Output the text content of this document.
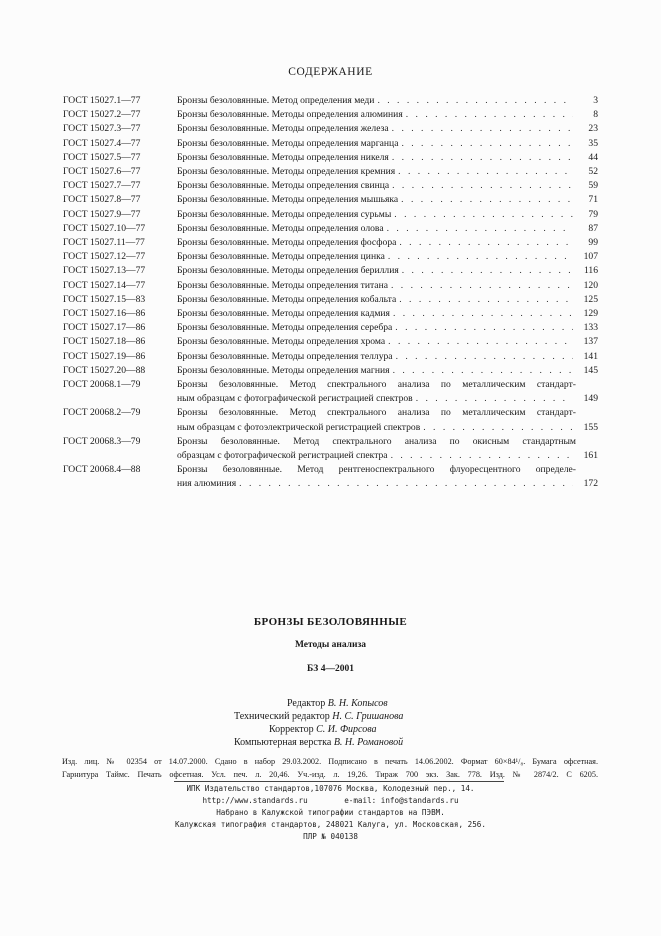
СОДЕРЖАНИЕ
ГОСТ 15027.1—77	Бронзы безоловянные. Метод определения меди . . .	3
ГОСТ 15027.2—77	Бронзы безоловянные. Методы определения алюминия . . .	8
ГОСТ 15027.3—77	Бронзы безоловянные. Методы определения железа . . .	23
ГОСТ 15027.4—77	Бронзы безоловянные. Методы определения марганца . . .	35
ГОСТ 15027.5—77	Бронзы безоловянные. Методы определения никеля . . .	44
ГОСТ 15027.6—77	Бронзы безоловянные. Методы определения кремния . . .	52
ГОСТ 15027.7—77	Бронзы безоловянные. Методы определения свинца . . .	59
ГОСТ 15027.8—77	Бронзы безоловянные. Методы определения мышьяка . . .	71
ГОСТ 15027.9—77	Бронзы безоловянные. Методы определения сурьмы . . .	79
ГОСТ 15027.10—77	Бронзы безоловянные. Методы определения олова . . .	87
ГОСТ 15027.11—77	Бронзы безоловянные. Методы определения фосфора . . .	99
ГОСТ 15027.12—77	Бронзы безоловянные. Методы определения цинка . . .	107
ГОСТ 15027.13—77	Бронзы безоловянные. Методы определения бериллия . . .	116
ГОСТ 15027.14—77	Бронзы безоловянные. Методы определения титана . . .	120
ГОСТ 15027.15—83	Бронзы безоловянные. Методы определения кобальта . . .	125
ГОСТ 15027.16—86	Бронзы безоловянные. Методы определения кадмия . . .	129
ГОСТ 15027.17—86	Бронзы безоловянные. Методы определения серебра . . .	133
ГОСТ 15027.18—86	Бронзы безоловянные. Методы определения хрома . . .	137
ГОСТ 15027.19—86	Бронзы безоловянные. Методы определения теллура . . .	141
ГОСТ 15027.20—88	Бронзы безоловянные. Методы определения магния . . .	145
ГОСТ 20068.1—79	Бронзы безоловянные. Метод спектрального анализа по металлическим стандарт-
ным образцам с фотографической регистрацией спектров . . .	149
ГОСТ 20068.2—79	Бронзы безоловянные. Метод спектрального анализа по металлическим стандарт-
ным образцам с фотоэлектрической регистрацией спектров . . .	155
ГОСТ 20068.3—79	Бронзы безоловянные. Метод спектрального анализа по окисным стандартным
образцам с фотографической регистрацией спектра . . .	161
ГОСТ 20068.4—88	Бронзы безоловянные. Метод рентгеноспектрального флуоресцентного определе-
ния алюминия . . .	172
БРОНЗЫ БЕЗОЛОВЯННЫЕ
Методы анализа
БЗ 4—2001
Редактор В. Н. Копысов
Технический редактор Н. С. Гришанова
Корректор С. И. Фирсова
Компьютерная верстка В. Н. Романовой
Изд. лиц. № 02354 от 14.07.2000. Сдано в набор 29.03.2002. Подписано в печать 14.06.2002. Формат 60×84¹/₈. Бумага офсетная.
Гарнитура Таймс. Печать офсетная. Усл. печ. л. 20,46. Уч.-изд. л. 19,26. Тираж 700 экз. Зак. 778. Изд. № 2874/2. С 6205.
ИПК Издательство стандартов,107076 Москва, Колодезный пер., 14.
http://www.standards.ru	e-mail: info@standards.ru
Набрано в Калужской типографии стандартов на ПЭВМ.
Калужская типография стандартов, 248021 Калуга, ул. Московская, 256.
ПЛР № 040138
